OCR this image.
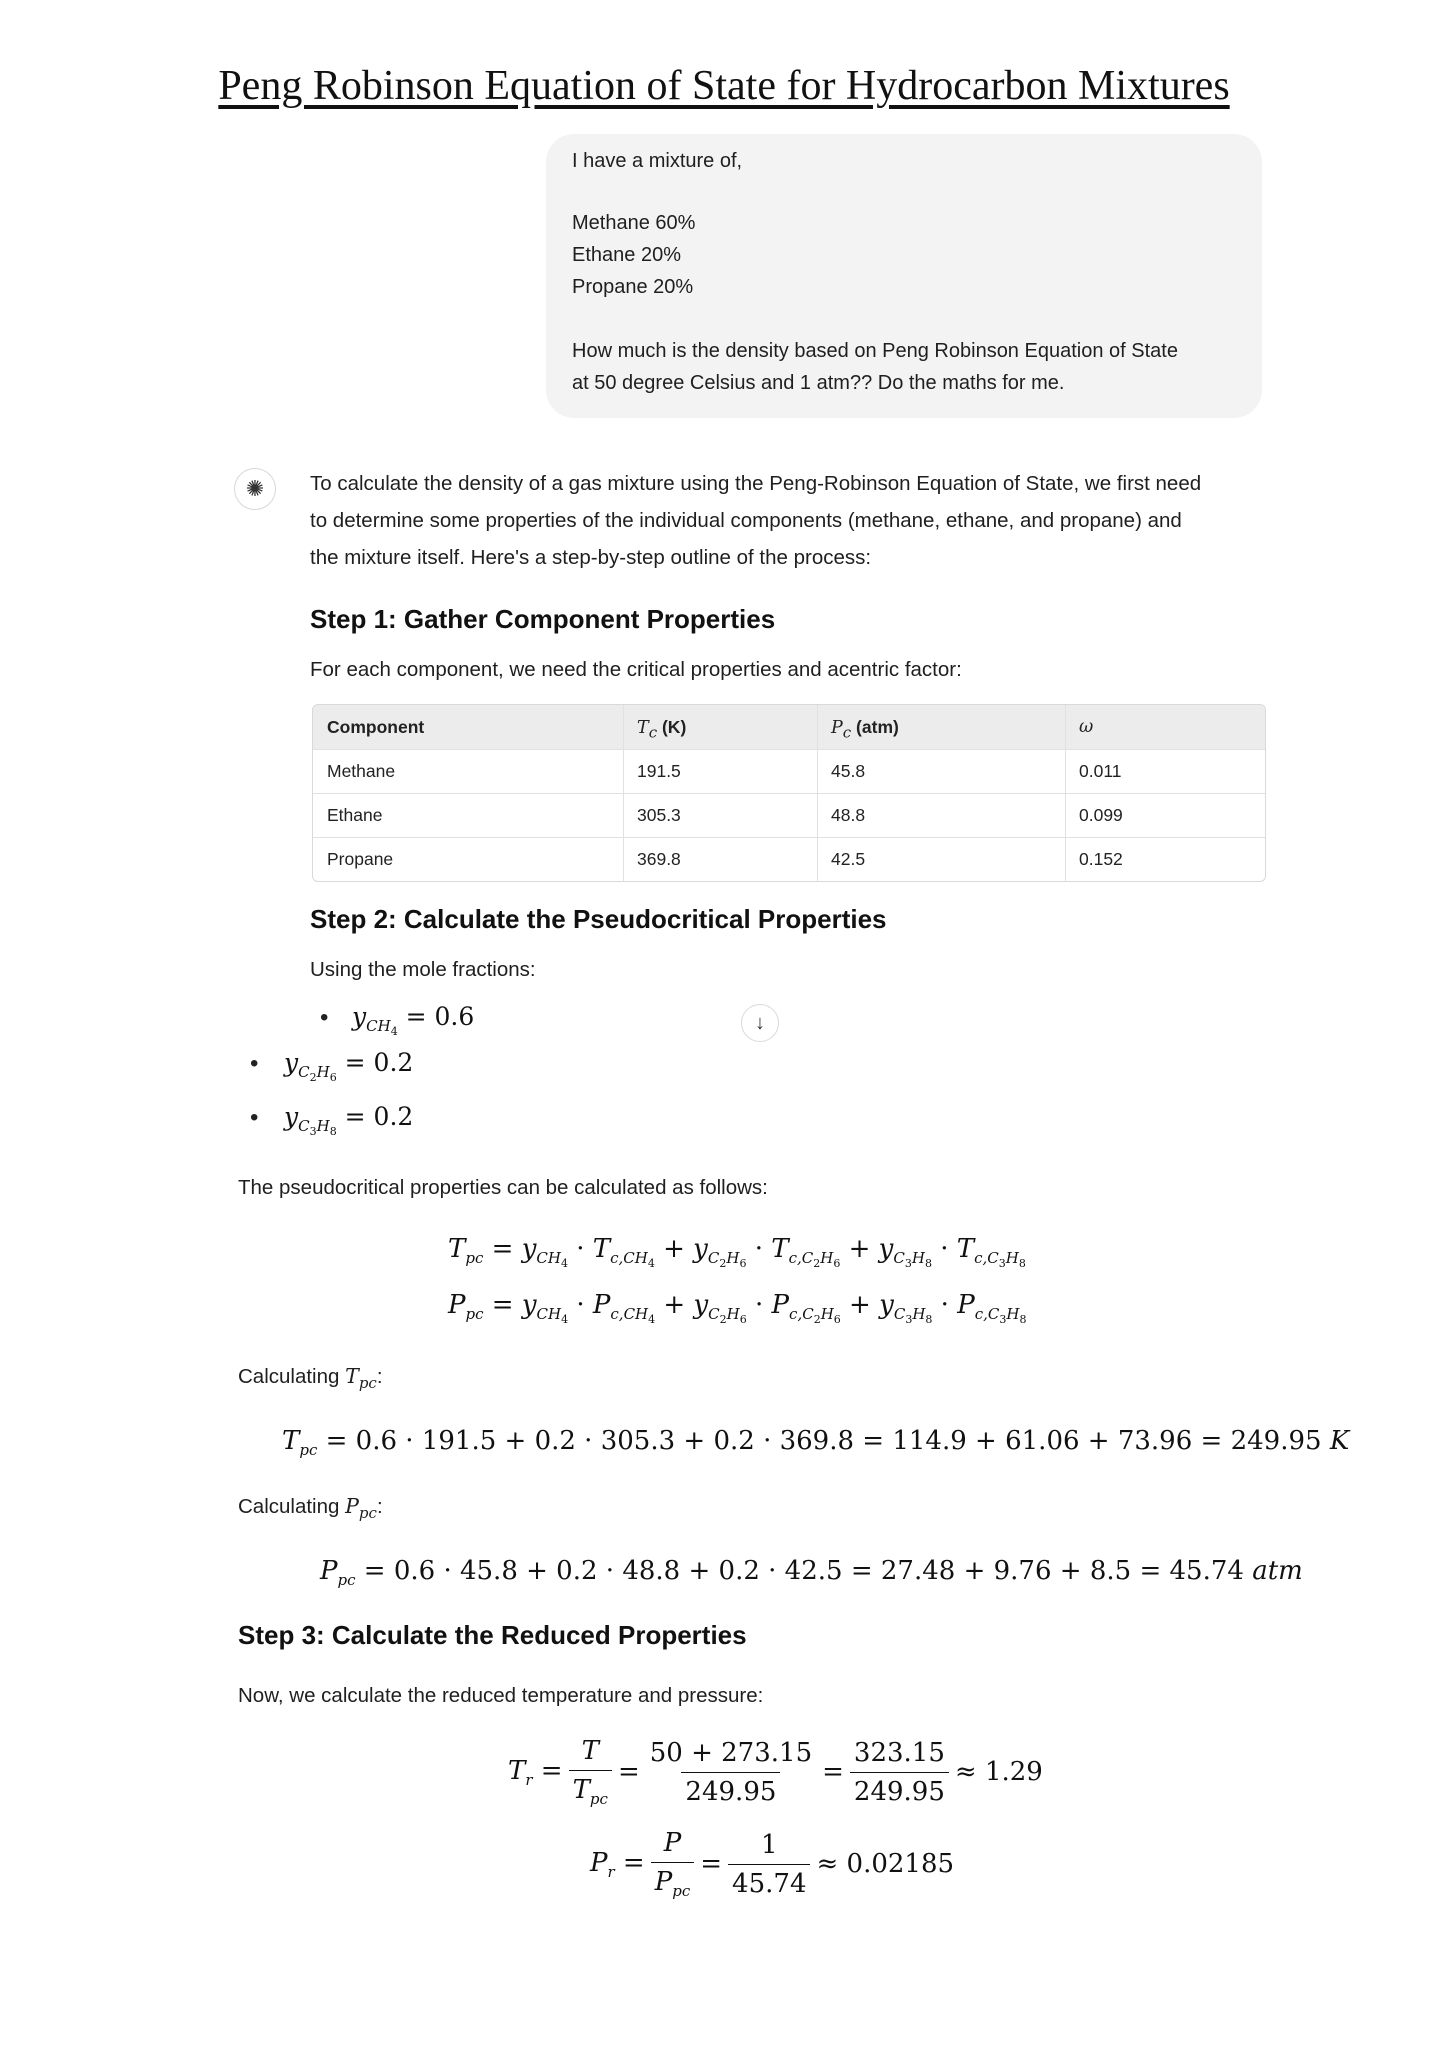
Peng Robinson Equation of State for Hydrocarbon Mixtures
I have a mixture of,
Methane 60%
Ethane 20%
Propane 20%
How much is the density based on Peng Robinson Equation of State
at 50 degree Celsius and 1 atm?? Do the maths for me.
✺	To calculate the density of a gas mixture using the Peng-Robinson Equation of State, we first need
to determine some properties of the individual components (methane, ethane, and propane) and
the mixture itself. Here's a step-by-step outline of the process:
Step 1: Gather Component Properties
For each component, we need the critical properties and acentric factor:
Component	$T_c$ (K)	$P_c$ (atm)	ω
Methane	191.5	45.8	0.011
Ethane	305.3	48.8	0.099
Propane	369.8	42.5	0.152
Step 2: Calculate the Pseudocritical Properties
Using the mole fractions:
• $y_{CH_4} = 0.6$	↓
• $y_{C_2H_6} = 0.2$
• $y_{C_3H_8} = 0.2$
The pseudocritical properties can be calculated as follows:
$T_{pc} = y_{CH_4} \cdot T_{c,CH_4} + y_{C_2H_6} \cdot T_{c,C_2H_6} + y_{C_3H_8} \cdot T_{c,C_3H_8}$
$P_{pc} = y_{CH_4} \cdot P_{c,CH_4} + y_{C_2H_6} \cdot P_{c,C_2H_6} + y_{C_3H_8} \cdot P_{c,C_3H_8}$
Calculating $T_{pc}$:
$T_{pc} = 0.6 \cdot 191.5 + 0.2 \cdot 305.3 + 0.2 \cdot 369.8 = 114.9 + 61.06 + 73.96 = 249.95$ K
Calculating $P_{pc}$:
$P_{pc} = 0.6 \cdot 45.8 + 0.2 \cdot 48.8 + 0.2 \cdot 42.5 = 27.48 + 9.76 + 8.5 = 45.74$ atm
Step 3: Calculate the Reduced Properties
Now, we calculate the reduced temperature and pressure:
$T_r = \frac{T}{T_{pc}} = \frac{50 + 273.15}{249.95} = \frac{323.15}{249.95} \approx 1.29$
$P_r = \frac{P}{P_{pc}} = \frac{1}{45.74} \approx 0.02185$
